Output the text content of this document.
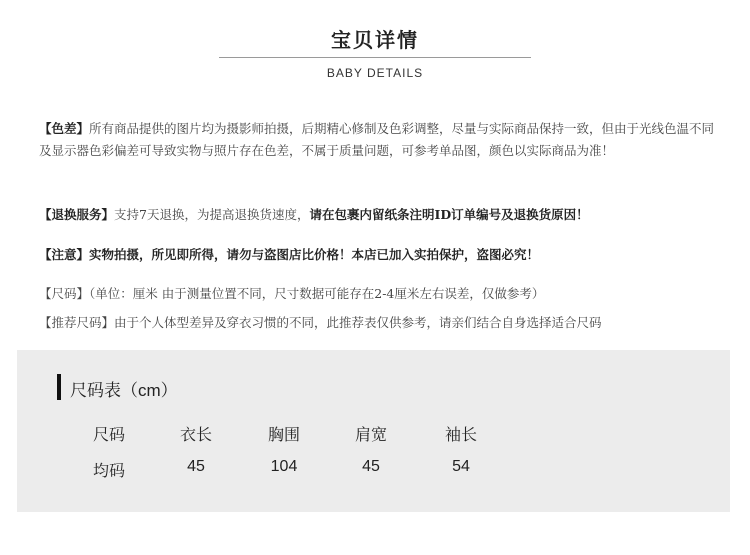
宝贝详情
BABY DETAILS

【色差】所有商品提供的图片均为摄影师拍摄，后期精心修制及色彩调整，尽量与实际商品保持一致，但由于光线色温不同及显示器色彩偏差可导致实物与照片存在色差，不属于质量问题，可参考单品图，颜色以实际商品为准！

【退换服务】支持7天退换，为提高退换货速度，请在包裹内留纸条注明ID订单编号及退换货原因！

【注意】实物拍摄，所见即所得，请勿与盗图店比价格！本店已加入实拍保护，盗图必究！

【尺码】（单位：厘米 由于测量位置不同，尺寸数据可能存在2-4厘米左右误差，仅做参考）

【推荐尺码】由于个人体型差异及穿衣习惯的不同，此推荐表仅供参考，请亲们结合自身选择适合尺码

尺码表（cm）
尺码	衣长	胸围	肩宽	袖长
均码	45	104	45	54
